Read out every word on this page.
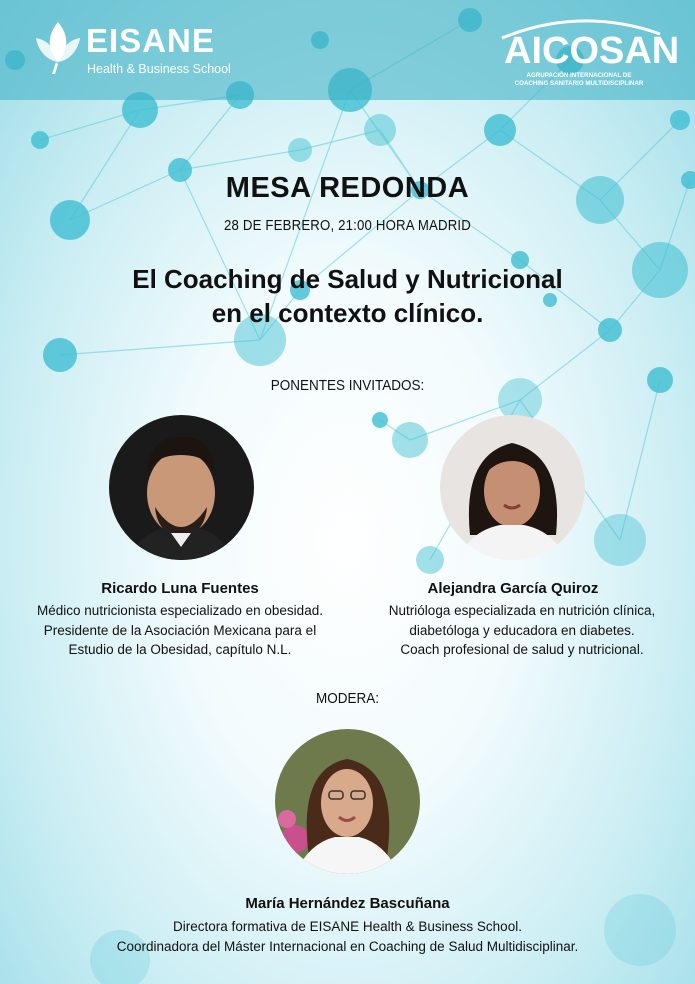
EISANE
Health & Business School	AICOSAN
AGRUPACIÓN INTERNACIONAL DE
COACHING SANITARIO MULTIDISCIPLINAR
MESA REDONDA
28 DE FEBRERO, 21:00 HORA MADRID
El Coaching de Salud y Nutricional
en el contexto clínico.
PONENTES INVITADOS:
Ricardo Luna Fuentes
Médico nutricionista especializado en obesidad.
Presidente de la Asociación Mexicana para el
Estudio de la Obesidad, capítulo N.L.
Alejandra García Quiroz
Nutrióloga especializada en nutrición clínica,
diabetóloga y educadora en diabetes.
Coach profesional de salud y nutricional.
MODERA:
María Hernández Bascuñana
Directora formativa de EISANE Health & Business School.
Coordinadora del Máster Internacional en Coaching de Salud Multidisciplinar.
